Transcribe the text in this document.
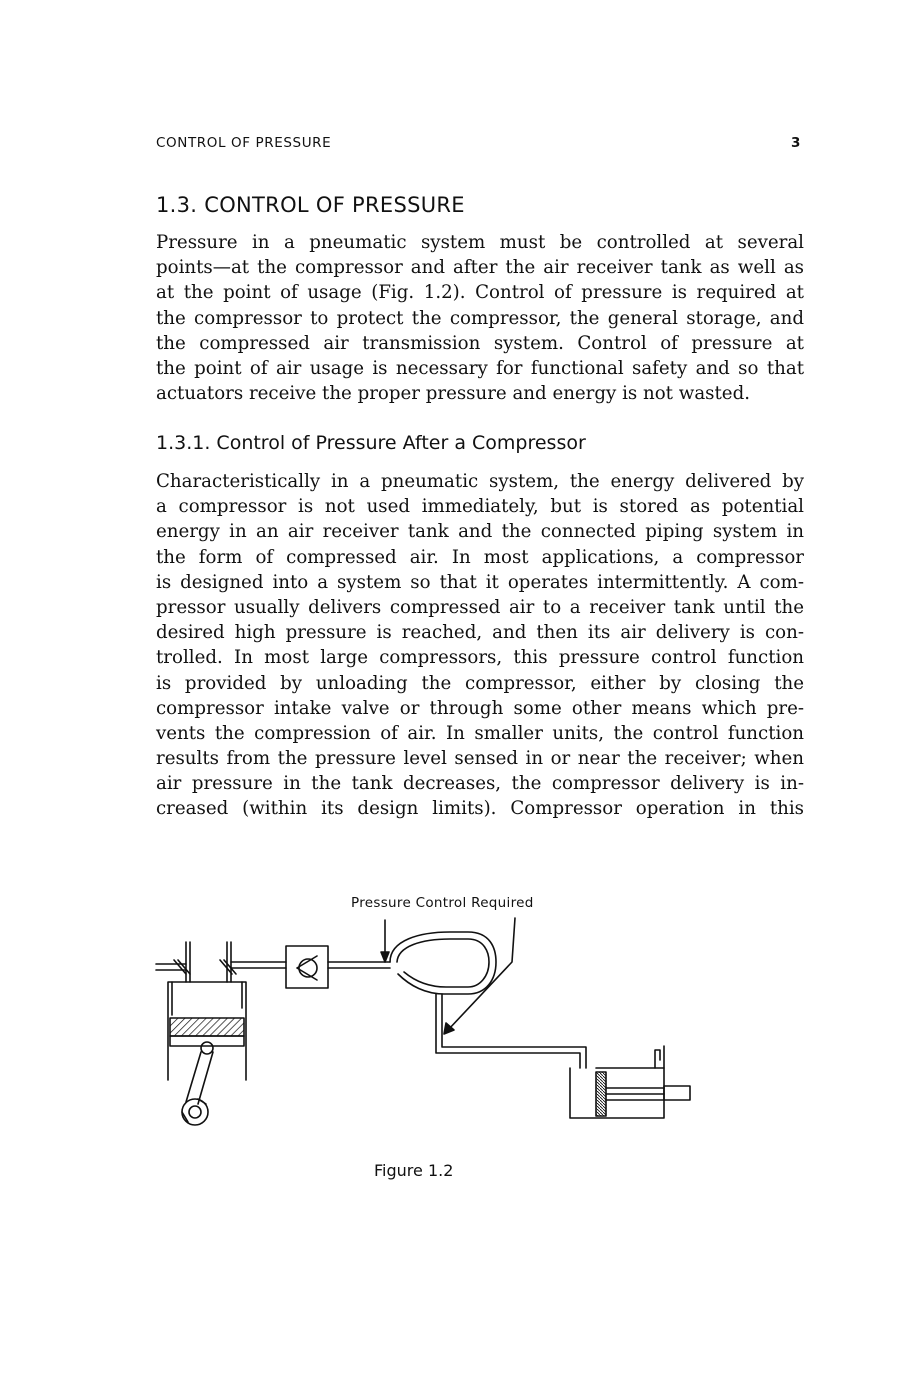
CONTROL OF PRESSURE	3
1.3. CONTROL OF PRESSURE
Pressure in a pneumatic system must be controlled at several
points—at the compressor and after the air receiver tank as well as
at the point of usage (Fig. 1.2). Control of pressure is required at
the compressor to protect the compressor, the general storage, and
the compressed air transmission system. Control of pressure at
the point of air usage is necessary for functional safety and so that
actuators receive the proper pressure and energy is not wasted.
1.3.1. Control of Pressure After a Compressor
Characteristically in a pneumatic system, the energy delivered by
a compressor is not used immediately, but is stored as potential
energy in an air receiver tank and the connected piping system in
the form of compressed air. In most applications, a compressor
is designed into a system so that it operates intermittently. A com-
pressor usually delivers compressed air to a receiver tank until the
desired high pressure is reached, and then its air delivery is con-
trolled. In most large compressors, this pressure control function
is provided by unloading the compressor, either by closing the
compressor intake valve or through some other means which pre-
vents the compression of air. In smaller units, the control function
results from the pressure level sensed in or near the receiver; when
air pressure in the tank decreases, the compressor delivery is in-
creased (within its design limits). Compressor operation in this
Pressure Control Required
Figure 1.2
